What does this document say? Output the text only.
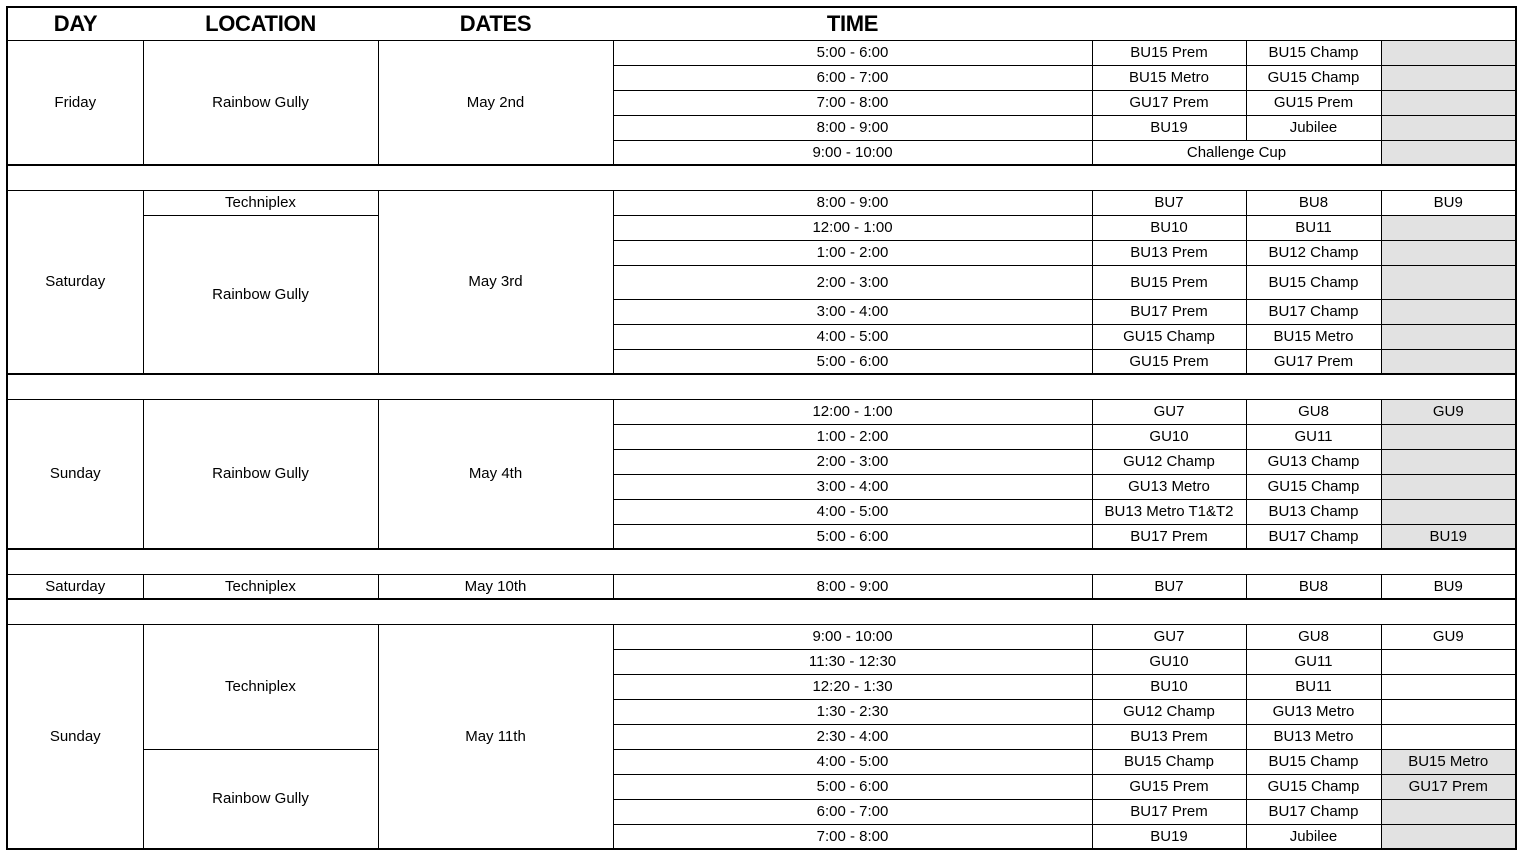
DAY	LOCATION	DATES	TIME			
Friday	Rainbow Gully	May 2nd	5:00 - 6:00	BU15 Prem	BU15 Champ	
			6:00 - 7:00	BU15 Metro	GU15 Champ	
			7:00 - 8:00	GU17 Prem	GU15 Prem	
			8:00 - 9:00	BU19	Jubilee	
			9:00 - 10:00	Challenge Cup		

Saturday	Techniplex	May 3rd	8:00 - 9:00	BU7	BU8	BU9
	Rainbow Gully		12:00 - 1:00	BU10	BU11	
			1:00 - 2:00	BU13 Prem	BU12 Champ	
			2:00 - 3:00	BU15 Prem	BU15 Champ	
			3:00 - 4:00	BU17 Prem	BU17 Champ	
			4:00 - 5:00	GU15 Champ	BU15 Metro	
			5:00 - 6:00	GU15 Prem	GU17 Prem	

Sunday	Rainbow Gully	May 4th	12:00 - 1:00	GU7	GU8	GU9
			1:00 - 2:00	GU10	GU11	
			2:00 - 3:00	GU12 Champ	GU13 Champ	
			3:00 - 4:00	GU13 Metro	GU15 Champ	
			4:00 - 5:00	BU13 Metro T1&T2	BU13 Champ	
			5:00 - 6:00	BU17 Prem	BU17 Champ	BU19

Saturday	Techniplex	May 10th	8:00 - 9:00	BU7	BU8	BU9

Sunday	Techniplex	May 11th	9:00 - 10:00	GU7	GU8	GU9
			11:30 - 12:30	GU10	GU11	
			12:20 - 1:30	BU10	BU11	
			1:30 - 2:30	GU12 Champ	GU13 Metro	
			2:30 - 4:00	BU13 Prem	BU13 Metro	
	Rainbow Gully		4:00 - 5:00	BU15 Champ	BU15 Champ	BU15 Metro
			5:00 - 6:00	GU15 Prem	GU15 Champ	GU17 Prem
			6:00 - 7:00	BU17 Prem	BU17 Champ	
			7:00 - 8:00	BU19	Jubilee	
